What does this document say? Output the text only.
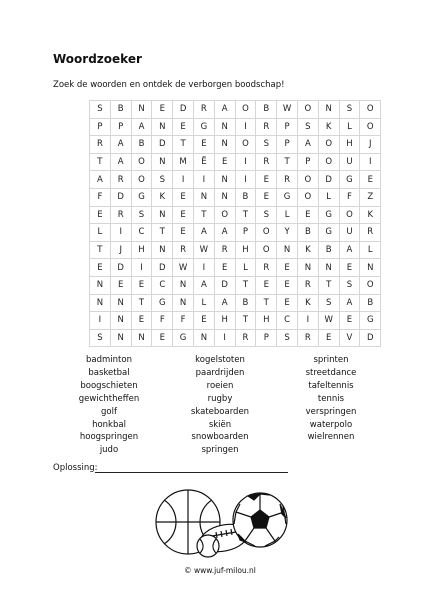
Woordzoeker
Zoek de woorden en ontdek de verborgen boodschap!
S	B	N	E	D	R	A	O	B	W	O	N	S	O
P	P	A	N	E	G	N	I	R	P	S	K	L	O
R	A	B	D	T	E	N	O	S	P	A	O	H	J
T	A	O	N	M	Ë	E	I	R	T	P	O	U	I
A	R	O	S	I	I	N	I	E	R	O	D	G	E
F	D	G	K	E	N	N	B	E	G	O	L	F	Z
E	R	S	N	E	T	O	T	S	L	E	G	O	K
L	I	C	T	E	A	A	P	O	Y	B	G	U	R
T	J	H	N	R	W	R	H	O	N	K	B	A	L
E	D	I	D	W	I	E	L	R	E	N	N	E	N
N	E	E	C	N	A	D	T	E	E	R	T	S	O
N	N	T	G	N	L	A	B	T	E	K	S	A	B
I	N	E	F	F	E	H	T	H	C	I	W	E	G
S	N	N	E	G	N	I	R	P	S	R	E	V	D
badminton
basketbal
boogschieten
gewichtheffen
golf
honkbal
hoogspringen
judo
kogelstoten
paardrijden
roeien
rugby
skateboarden
skiën
snowboarden
springen
sprinten
streetdance
tafeltennis
tennis
verspringen
waterpolo
wielrennen
Oplossing:
© www.juf-milou.nl
